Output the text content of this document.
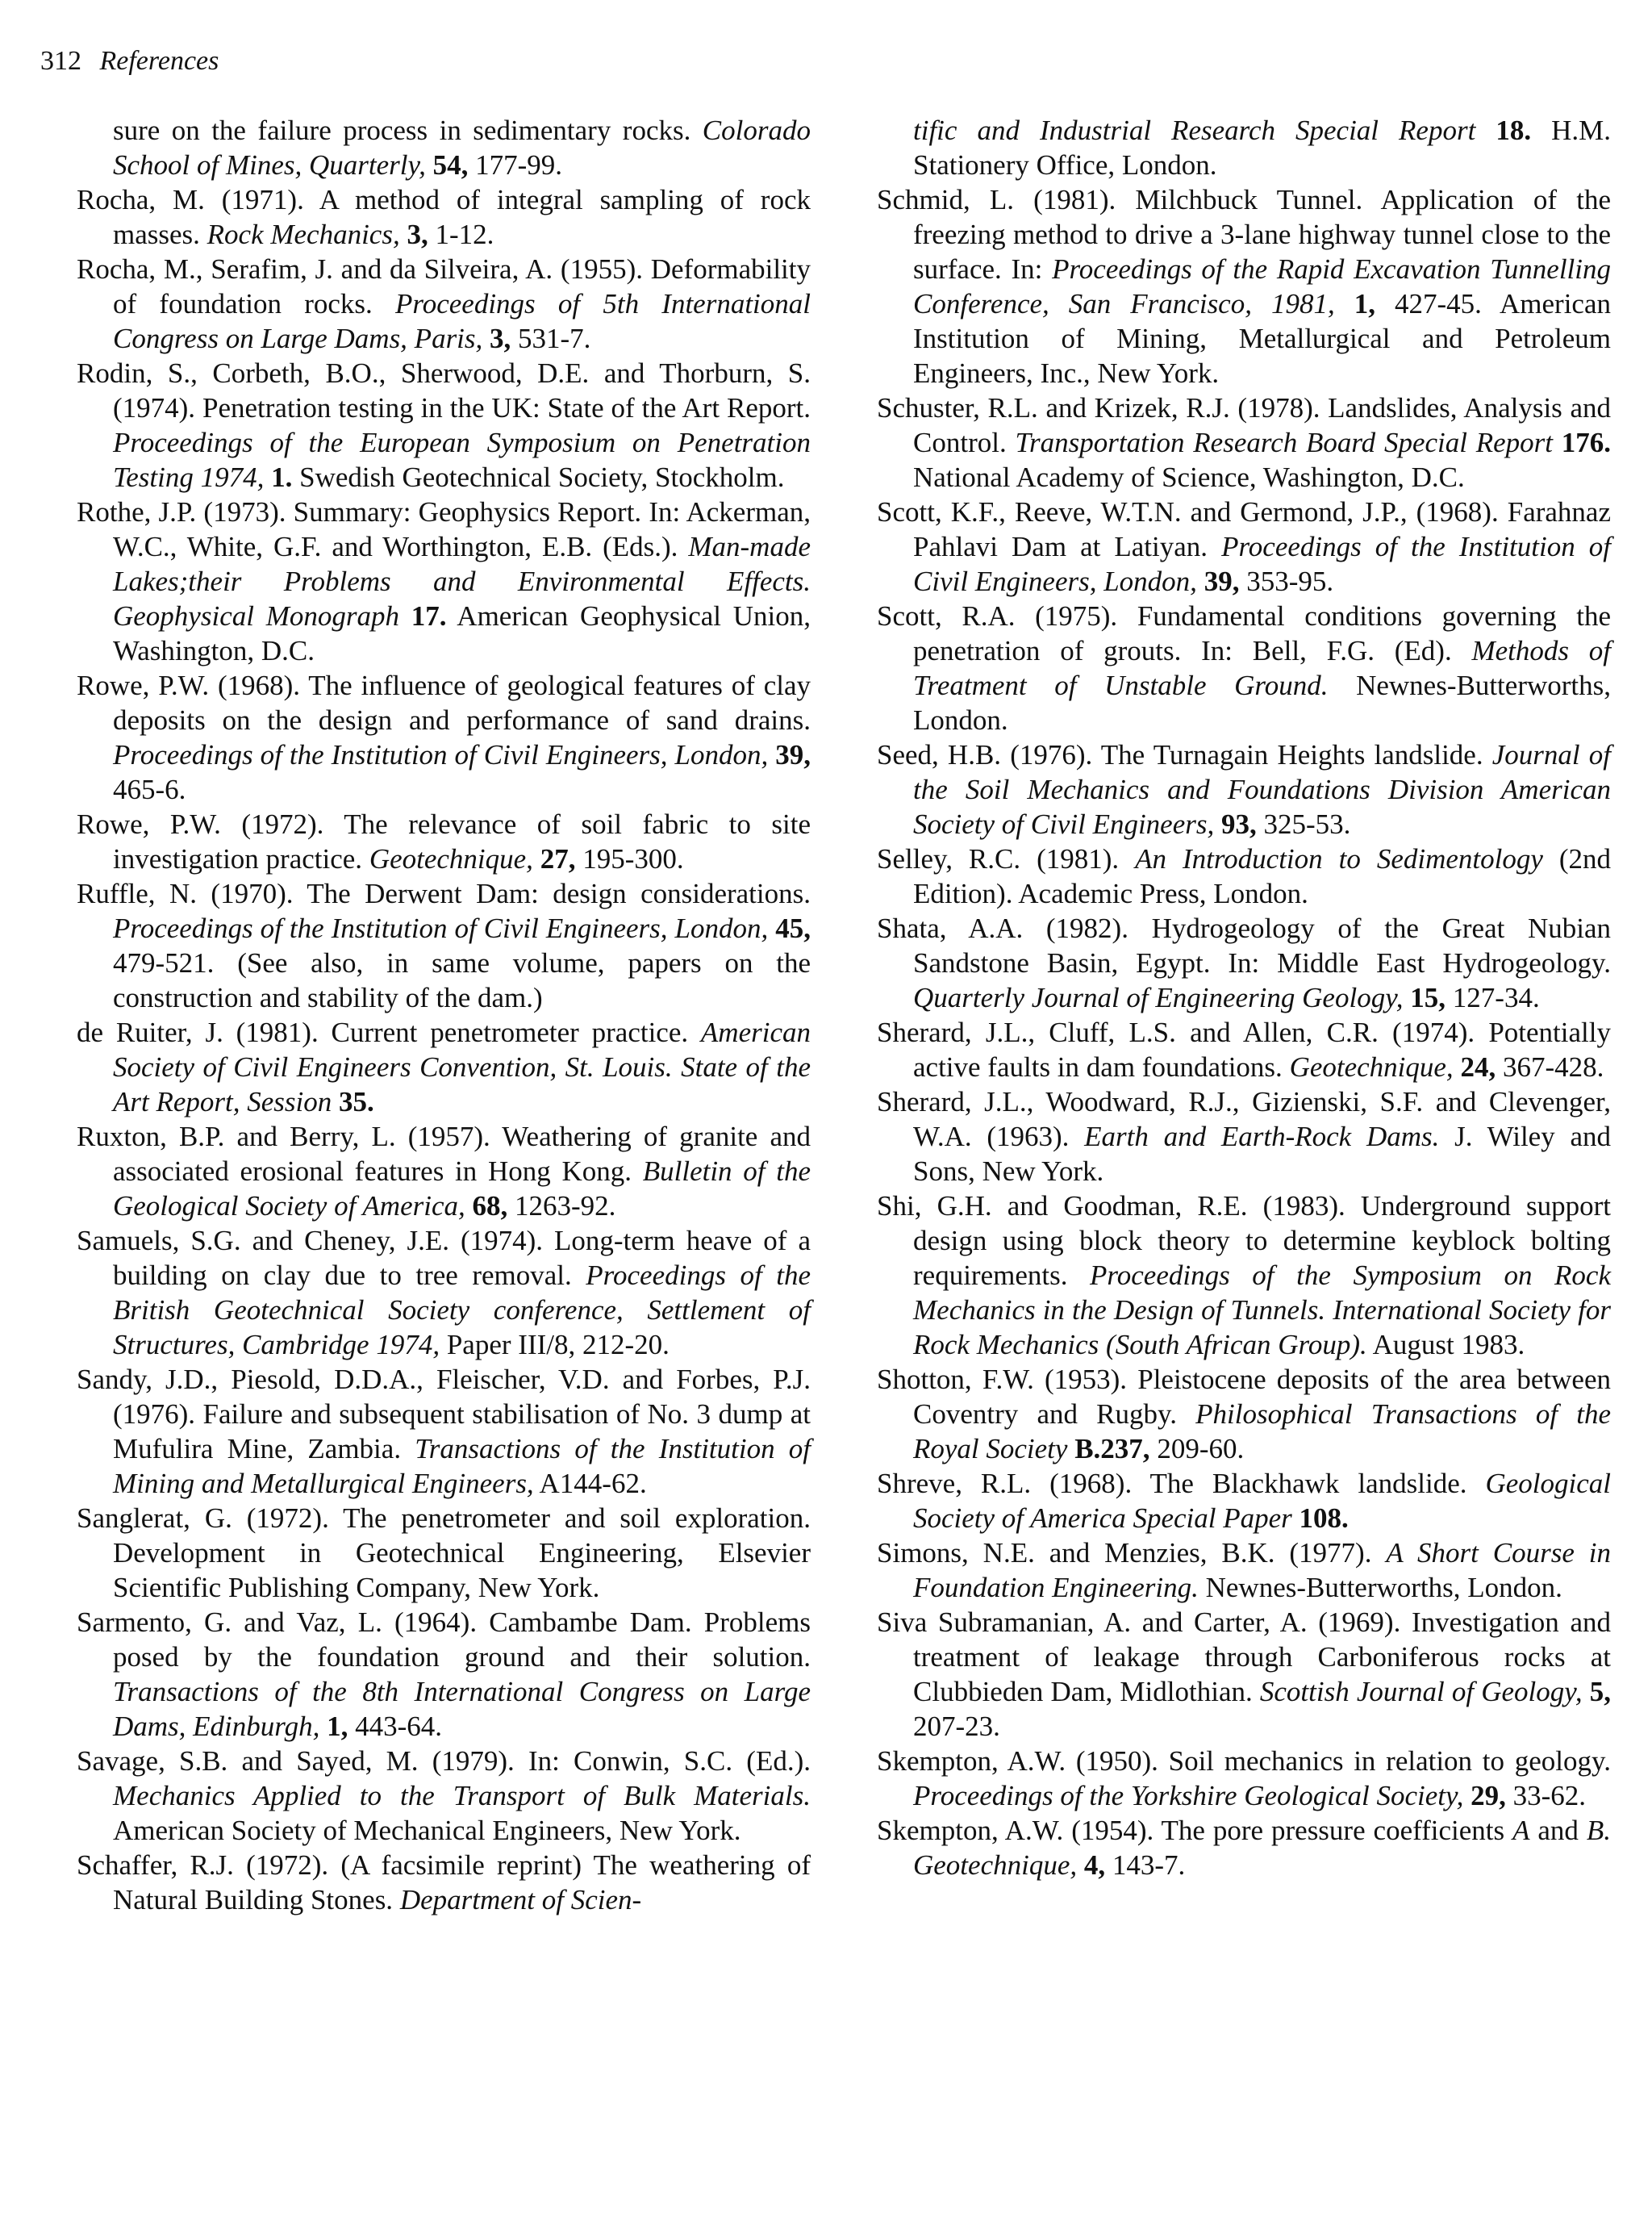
312 References

sure on the failure process in sedimentary rocks. Colorado School of Mines, Quarterly, 54, 177-99.

Rocha, M. (1971). A method of integral sampling of rock masses. Rock Mechanics, 3, 1-12.

Rocha, M., Serafim, J. and da Silveira, A. (1955). Deformability of foundation rocks. Proceedings of 5th International Congress on Large Dams, Paris, 3, 531-7.

Rodin, S., Corbeth, B.O., Sherwood, D.E. and Thorburn, S. (1974). Penetration testing in the UK: State of the Art Report. Proceedings of the European Symposium on Penetration Testing 1974, 1. Swedish Geotechnical Society, Stockholm.

Rothe, J.P. (1973). Summary: Geophysics Report. In: Ackerman, W.C., White, G.F. and Worthington, E.B. (Eds.). Man-made Lakes;their Problems and Environmental Effects. Geophysical Monograph 17. American Geophysical Union, Washington, D.C.

Rowe, P.W. (1968). The influence of geological features of clay deposits on the design and performance of sand drains. Proceedings of the Institution of Civil Engineers, London, 39, 465-6.

Rowe, P.W. (1972). The relevance of soil fabric to site investigation practice. Geotechnique, 27, 195-300.

Ruffle, N. (1970). The Derwent Dam: design considerations. Proceedings of the Institution of Civil Engineers, London, 45, 479-521. (See also, in same volume, papers on the construction and stability of the dam.)

de Ruiter, J. (1981). Current penetrometer practice. American Society of Civil Engineers Convention, St. Louis. State of the Art Report, Session 35.

Ruxton, B.P. and Berry, L. (1957). Weathering of granite and associated erosional features in Hong Kong. Bulletin of the Geological Society of America, 68, 1263-92.

Samuels, S.G. and Cheney, J.E. (1974). Long-term heave of a building on clay due to tree removal. Proceedings of the British Geotechnical Society conference, Settlement of Structures, Cambridge 1974, Paper III/8, 212-20.

Sandy, J.D., Piesold, D.D.A., Fleischer, V.D. and Forbes, P.J. (1976). Failure and subsequent stabilisation of No. 3 dump at Mufulira Mine, Zambia. Transactions of the Institution of Mining and Metallurgical Engineers, A144-62.

Sanglerat, G. (1972). The penetrometer and soil exploration. Development in Geotechnical Engineering, Elsevier Scientific Publishing Company, New York.

Sarmento, G. and Vaz, L. (1964). Cambambe Dam. Problems posed by the foundation ground and their solution. Transactions of the 8th International Congress on Large Dams, Edinburgh, 1, 443-64.

Savage, S.B. and Sayed, M. (1979). In: Conwin, S.C. (Ed.). Mechanics Applied to the Transport of Bulk Materials. American Society of Mechanical Engineers, New York.

Schaffer, R.J. (1972). (A facsimile reprint) The weathering of Natural Building Stones. Department of Scien-

tific and Industrial Research Special Report 18. H.M. Stationery Office, London.

Schmid, L. (1981). Milchbuck Tunnel. Application of the freezing method to drive a 3-lane highway tunnel close to the surface. In: Proceedings of the Rapid Excavation Tunnelling Conference, San Francisco, 1981, 1, 427-45. American Institution of Mining, Metallurgical and Petroleum Engineers, Inc., New York.

Schuster, R.L. and Krizek, R.J. (1978). Landslides, Analysis and Control. Transportation Research Board Special Report 176. National Academy of Science, Washington, D.C.

Scott, K.F., Reeve, W.T.N. and Germond, J.P., (1968). Farahnaz Pahlavi Dam at Latiyan. Proceedings of the Institution of Civil Engineers, London, 39, 353-95.

Scott, R.A. (1975). Fundamental conditions governing the penetration of grouts. In: Bell, F.G. (Ed). Methods of Treatment of Unstable Ground. Newnes-Butterworths, London.

Seed, H.B. (1976). The Turnagain Heights landslide. Journal of the Soil Mechanics and Foundations Division American Society of Civil Engineers, 93, 325-53.

Selley, R.C. (1981). An Introduction to Sedimentology (2nd Edition). Academic Press, London.

Shata, A.A. (1982). Hydrogeology of the Great Nubian Sandstone Basin, Egypt. In: Middle East Hydrogeology. Quarterly Journal of Engineering Geology, 15, 127-34.

Sherard, J.L., Cluff, L.S. and Allen, C.R. (1974). Potentially active faults in dam foundations. Geotechnique, 24, 367-428.

Sherard, J.L., Woodward, R.J., Gizienski, S.F. and Clevenger, W.A. (1963). Earth and Earth-Rock Dams. J. Wiley and Sons, New York.

Shi, G.H. and Goodman, R.E. (1983). Underground support design using block theory to determine keyblock bolting requirements. Proceedings of the Symposium on Rock Mechanics in the Design of Tunnels. International Society for Rock Mechanics (South African Group). August 1983.

Shotton, F.W. (1953). Pleistocene deposits of the area between Coventry and Rugby. Philosophical Transactions of the Royal Society B.237, 209-60.

Shreve, R.L. (1968). The Blackhawk landslide. Geological Society of America Special Paper 108.

Simons, N.E. and Menzies, B.K. (1977). A Short Course in Foundation Engineering. Newnes-Butterworths, London.

Siva Subramanian, A. and Carter, A. (1969). Investigation and treatment of leakage through Carboniferous rocks at Clubbieden Dam, Midlothian. Scottish Journal of Geology, 5, 207-23.

Skempton, A.W. (1950). Soil mechanics in relation to geology. Proceedings of the Yorkshire Geological Society, 29, 33-62.

Skempton, A.W. (1954). The pore pressure coefficients A and B. Geotechnique, 4, 143-7.
